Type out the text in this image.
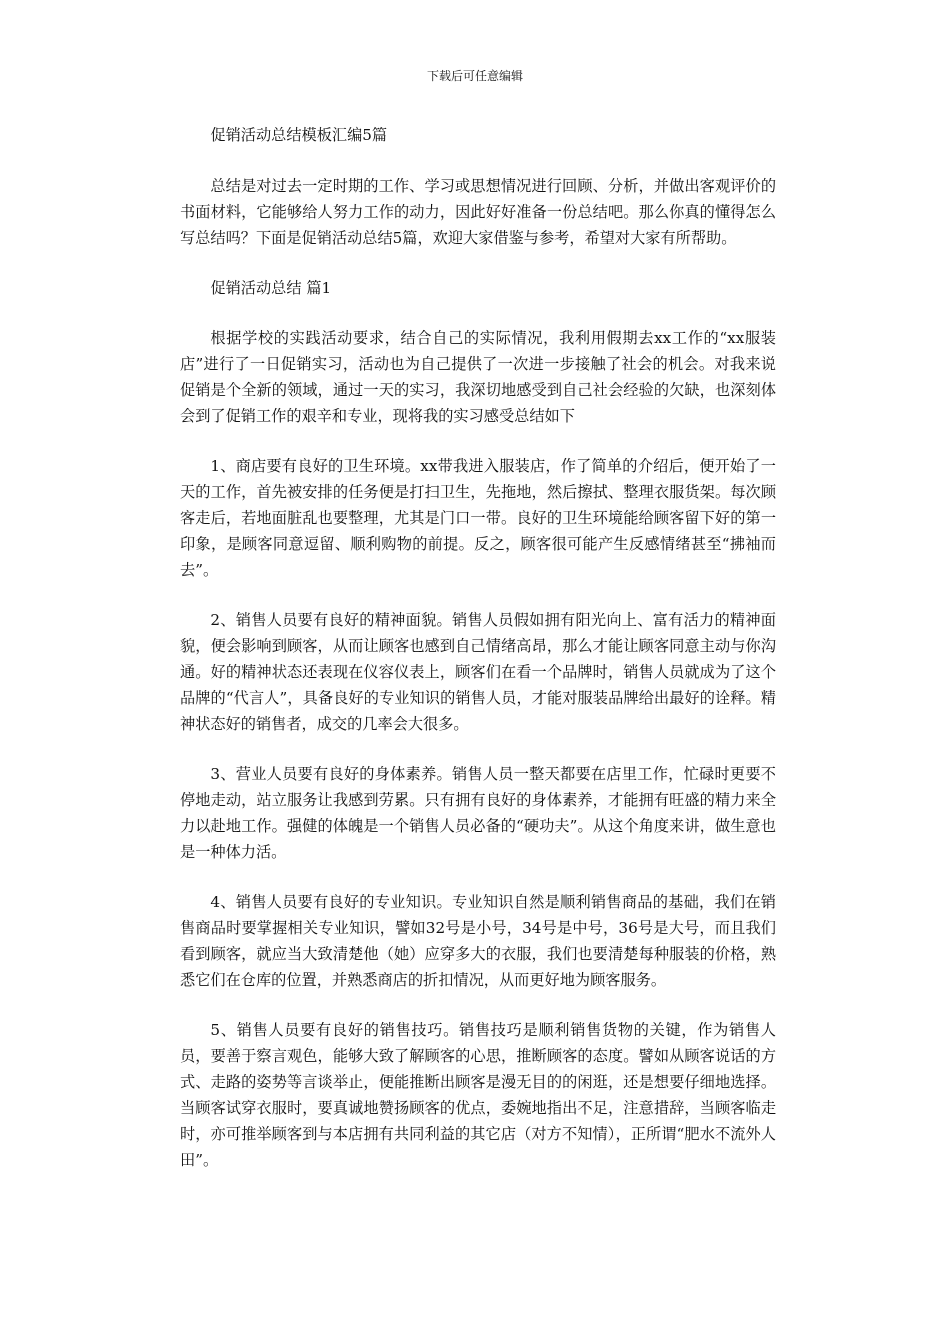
下载后可任意编辑

促销活动总结模板汇编5篇

总结是对过去一定时期的工作、学习或思想情况进行回顾、分析，并做出客观评价的书面材料，它能够给人努力工作的动力，因此好好准备一份总结吧。那么你真的懂得怎么写总结吗？下面是促销活动总结5篇，欢迎大家借鉴与参考，希望对大家有所帮助。

促销活动总结 篇1

根据学校的实践活动要求，结合自己的实际情况，我利用假期去xx工作的“xx服装店”进行了一日促销实习，活动也为自己提供了一次进一步接触了社会的机会。对我来说促销是个全新的领域，通过一天的实习，我深切地感受到自己社会经验的欠缺，也深刻体会到了促销工作的艰辛和专业，现将我的实习感受总结如下

1、商店要有良好的卫生环境。xx带我进入服装店，作了简单的介绍后，便开始了一天的工作，首先被安排的任务便是打扫卫生，先拖地，然后擦拭、整理衣服货架。每次顾客走后，若地面脏乱也要整理，尤其是门口一带。良好的卫生环境能给顾客留下好的第一印象，是顾客同意逗留、顺利购物的前提。反之，顾客很可能产生反感情绪甚至“拂袖而去”。

2、销售人员要有良好的精神面貌。销售人员假如拥有阳光向上、富有活力的精神面貌，便会影响到顾客，从而让顾客也感到自己情绪高昂，那么才能让顾客同意主动与你沟通。好的精神状态还表现在仪容仪表上，顾客们在看一个品牌时，销售人员就成为了这个品牌的“代言人”，具备良好的专业知识的销售人员，才能对服装品牌给出最好的诠释。精神状态好的销售者，成交的几率会大很多。

3、营业人员要有良好的身体素养。销售人员一整天都要在店里工作，忙碌时更要不停地走动，站立服务让我感到劳累。只有拥有良好的身体素养，才能拥有旺盛的精力来全力以赴地工作。强健的体魄是一个销售人员必备的“硬功夫”。从这个角度来讲，做生意也是一种体力活。

4、销售人员要有良好的专业知识。专业知识自然是顺利销售商品的基础，我们在销售商品时要掌握相关专业知识，譬如32号是小号，34号是中号，36号是大号，而且我们看到顾客，就应当大致清楚他（她）应穿多大的衣服，我们也要清楚每种服装的价格，熟悉它们在仓库的位置，并熟悉商店的折扣情况，从而更好地为顾客服务。

5、销售人员要有良好的销售技巧。销售技巧是顺利销售货物的关键，作为销售人员，要善于察言观色，能够大致了解顾客的心思，推断顾客的态度。譬如从顾客说话的方式、走路的姿势等言谈举止，便能推断出顾客是漫无目的的闲逛，还是想要仔细地选择。当顾客试穿衣服时，要真诚地赞扬顾客的优点，委婉地指出不足，注意措辞，当顾客临走时，亦可推举顾客到与本店拥有共同利益的其它店（对方不知情），正所谓“肥水不流外人田”。
